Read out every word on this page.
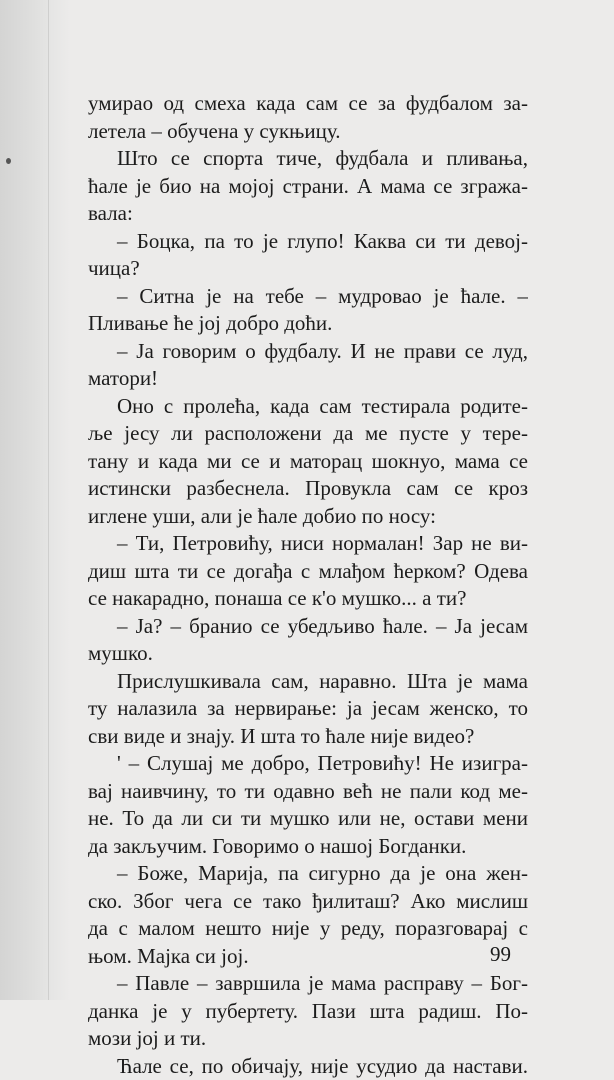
умирао од смеха када сам се за фудбалом за-
летела – обучена у сукњицу.
Што се спорта тиче, фудбала и пливања,
ћале је био на мојој страни. А мама се згража-
вала:
– Боцка, па то је глупо! Каква си ти девој-
чица?
– Ситна је на тебе – мудровао је ћале. –
Пливање ће јој добро доћи.
– Ја говорим о фудбалу. И не прави се луд,
матори!
Оно с пролећа, када сам тестирала родите-
ље јесу ли расположени да ме пусте у тере-
тану и када ми се и маторац шокнуо, мама се
истински разбеснела. Провукла сам се кроз
иглене уши, али је ћале добио по носу:
– Ти, Петровићу, ниси нормалан! Зар не ви-
диш шта ти се догађа с млађом ћерком? Одева
се накарадно, понаша се к'о мушко... а ти?
– Ја? – бранио се убедљиво ћале. – Ја јесам
мушко.
Прислушкивала сам, наравно. Шта је мама
ту налазила за нервирање: ја јесам женско, то
сви виде и знају. И шта то ћале није видео?
' – Слушај ме добро, Петровићу! Не изигра-
вај наивчину, то ти одавно већ не пали код ме-
не. То да ли си ти мушко или не, остави мени
да закључим. Говоримо о нашој Богданки.
– Боже, Марија, па сигурно да је она жен-
ско. Због чега се тако ђилиташ? Ако мислиш
да с малом нешто није у реду, поразговарај с
њом. Мајка си јој.
– Павле – завршила је мама расправу – Бог-
данка је у пубертету. Пази шта радиш. По-
мози јој и ти.
Ћале се, по обичају, није усудио да настави.
99
